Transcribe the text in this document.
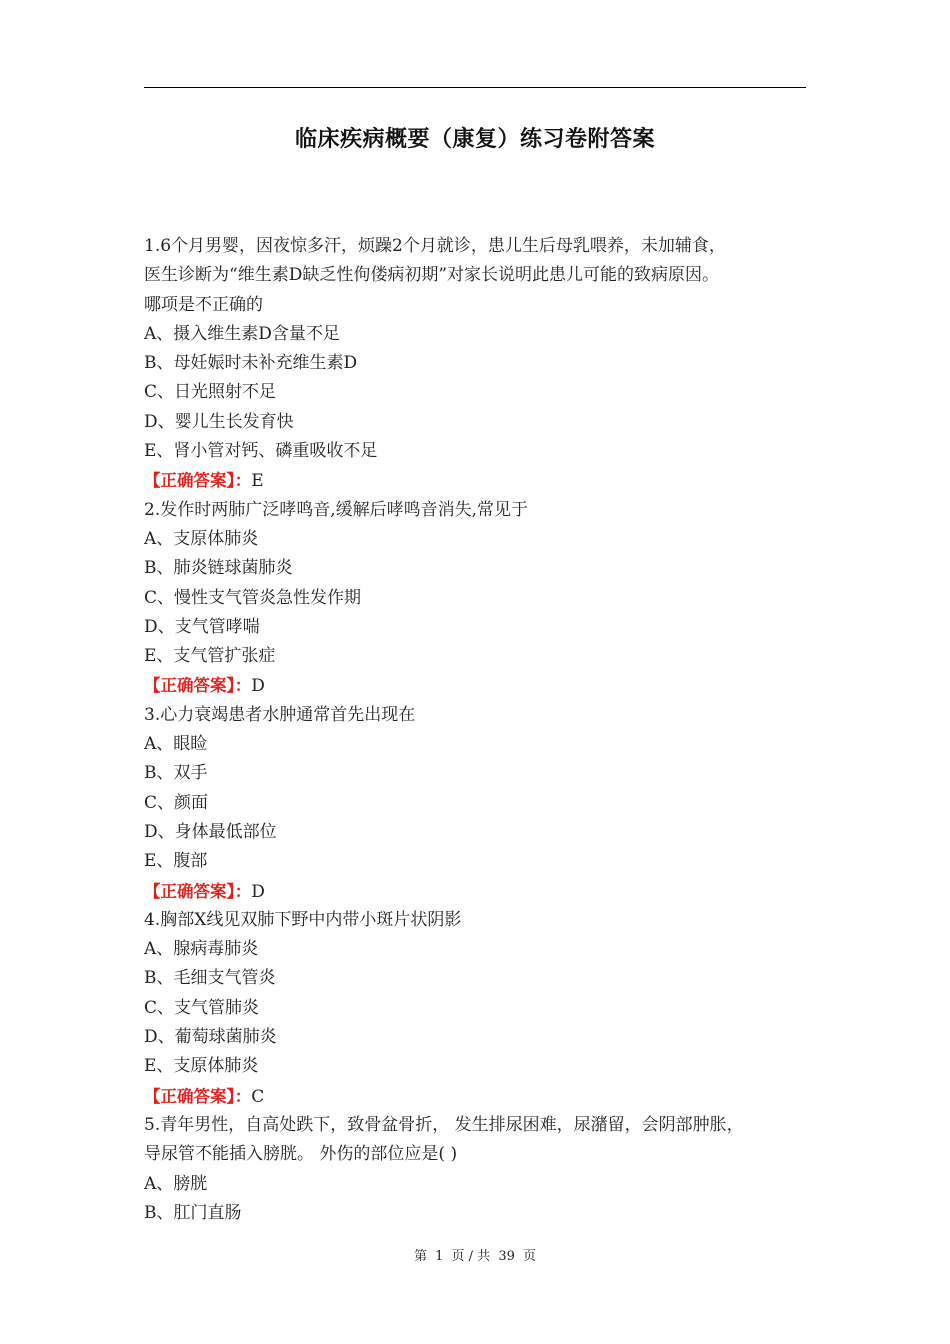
临床疾病概要（康复）练习卷附答案
1.6个月男婴，因夜惊多汗，烦躁2个月就诊，患儿生后母乳喂养，未加辅食，
医生诊断为“维生素D缺乏性佝偻病初期”对家长说明此患儿可能的致病原因。
哪项是不正确的
A、摄入维生素D含量不足
B、母妊娠时未补充维生素D
C、日光照射不足
D、婴儿生长发育快
E、肾小管对钙、磷重吸收不足
【正确答案】：E
2.发作时两肺广泛哮鸣音,缓解后哮鸣音消失,常见于
A、支原体肺炎
B、肺炎链球菌肺炎
C、慢性支气管炎急性发作期
D、支气管哮喘
E、支气管扩张症
【正确答案】：D
3.心力衰竭患者水肿通常首先出现在
A、眼睑
B、双手
C、颜面
D、身体最低部位
E、腹部
【正确答案】：D
4.胸部X线见双肺下野中内带小斑片状阴影
A、腺病毒肺炎
B、毛细支气管炎
C、支气管肺炎
D、葡萄球菌肺炎
E、支原体肺炎
【正确答案】：C
5.青年男性，自高处跌下，致骨盆骨折， 发生排尿困难，尿潴留，会阴部肿胀，
导尿管不能插入膀胱。 外伤的部位应是( )
A、膀胱
B、肛门直肠
第 1 页 / 共 39 页
